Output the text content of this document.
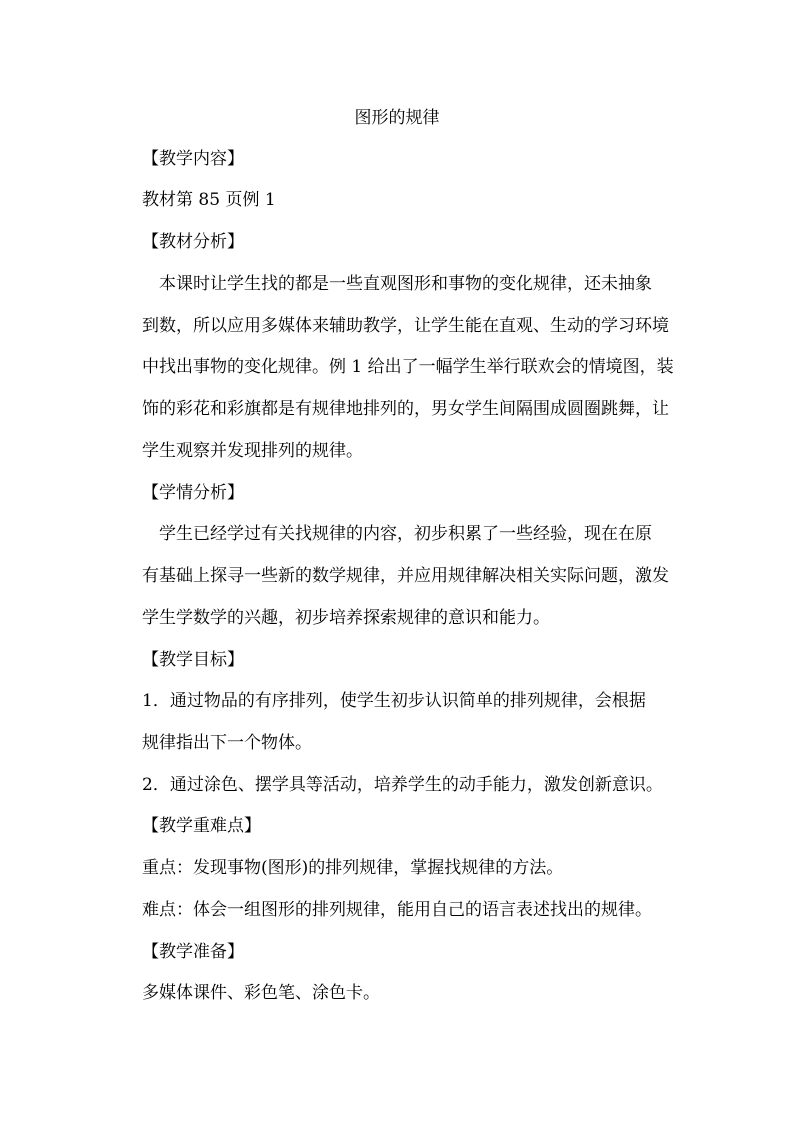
图形的规律
【教学内容】
教材第 85 页例 1
【教材分析】
　本课时让学生找的都是一些直观图形和事物的变化规律，还未抽象
到数，所以应用多媒体来辅助教学，让学生能在直观、生动的学习环境
中找出事物的变化规律。例 1 给出了一幅学生举行联欢会的情境图，装
饰的彩花和彩旗都是有规律地排列的，男女学生间隔围成圆圈跳舞，让
学生观察并发现排列的规律。
【学情分析】
　学生已经学过有关找规律的内容，初步积累了一些经验，现在在原
有基础上探寻一些新的数学规律，并应用规律解决相关实际问题，激发
学生学数学的兴趣，初步培养探索规律的意识和能力。
【教学目标】
1．通过物品的有序排列，使学生初步认识简单的排列规律，会根据
规律指出下一个物体。
2．通过涂色、摆学具等活动，培养学生的动手能力，激发创新意识。
【教学重难点】
重点：发现事物(图形)的排列规律，掌握找规律的方法。
难点：体会一组图形的排列规律，能用自己的语言表述找出的规律。
【教学准备】
多媒体课件、彩色笔、涂色卡。
